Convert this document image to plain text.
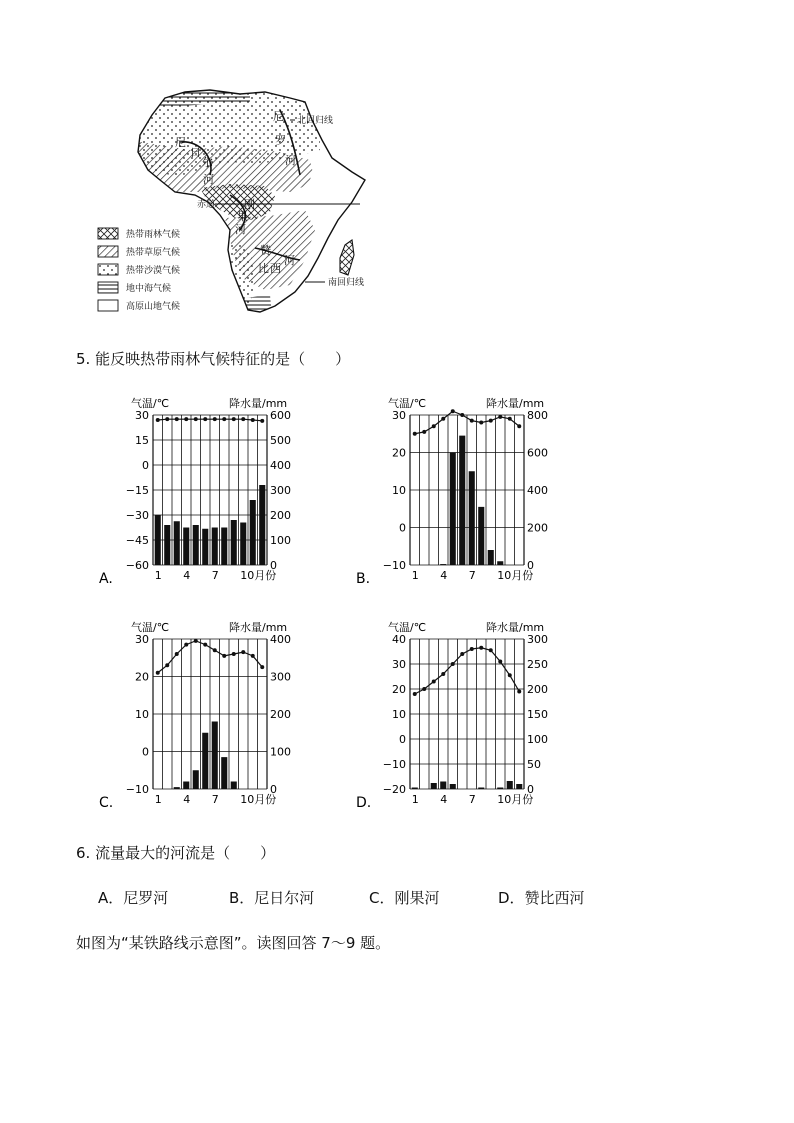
北回归线
赤道
南回归线
尼
罗
河
尼
日
尔
河
刚
果
河
赞
比 西
河
热带雨林气候
热带草原气候
热带沙漠气候
地中海气候
高原山地气候
5. 能反映热带雨林气候特征的是（　　）
气温/℃	降水量/mm
30
15
0
−15
−30
−45
−60
600
500
400
300
200
100
0
1 4 7 10月份
A.
气温/℃	降水量/mm
30
20
10
0
−10
800
600
400
200
0
1 4 7 10月份
B.
气温/℃	降水量/mm
30
20
10
0
−10
400
300
200
100
0
1 4 7 10月份
C.
气温/℃	降水量/mm
40
30
20
10
0
−10
−20
300
250
200
150
100
50
0
1 4 7 10月份
D.
6. 流量最大的河流是（　　）
A．尼罗河	B．尼日尔河	C．刚果河	D．赞比西河
如图为“某铁路线示意图”。读图回答 7～9 题。
